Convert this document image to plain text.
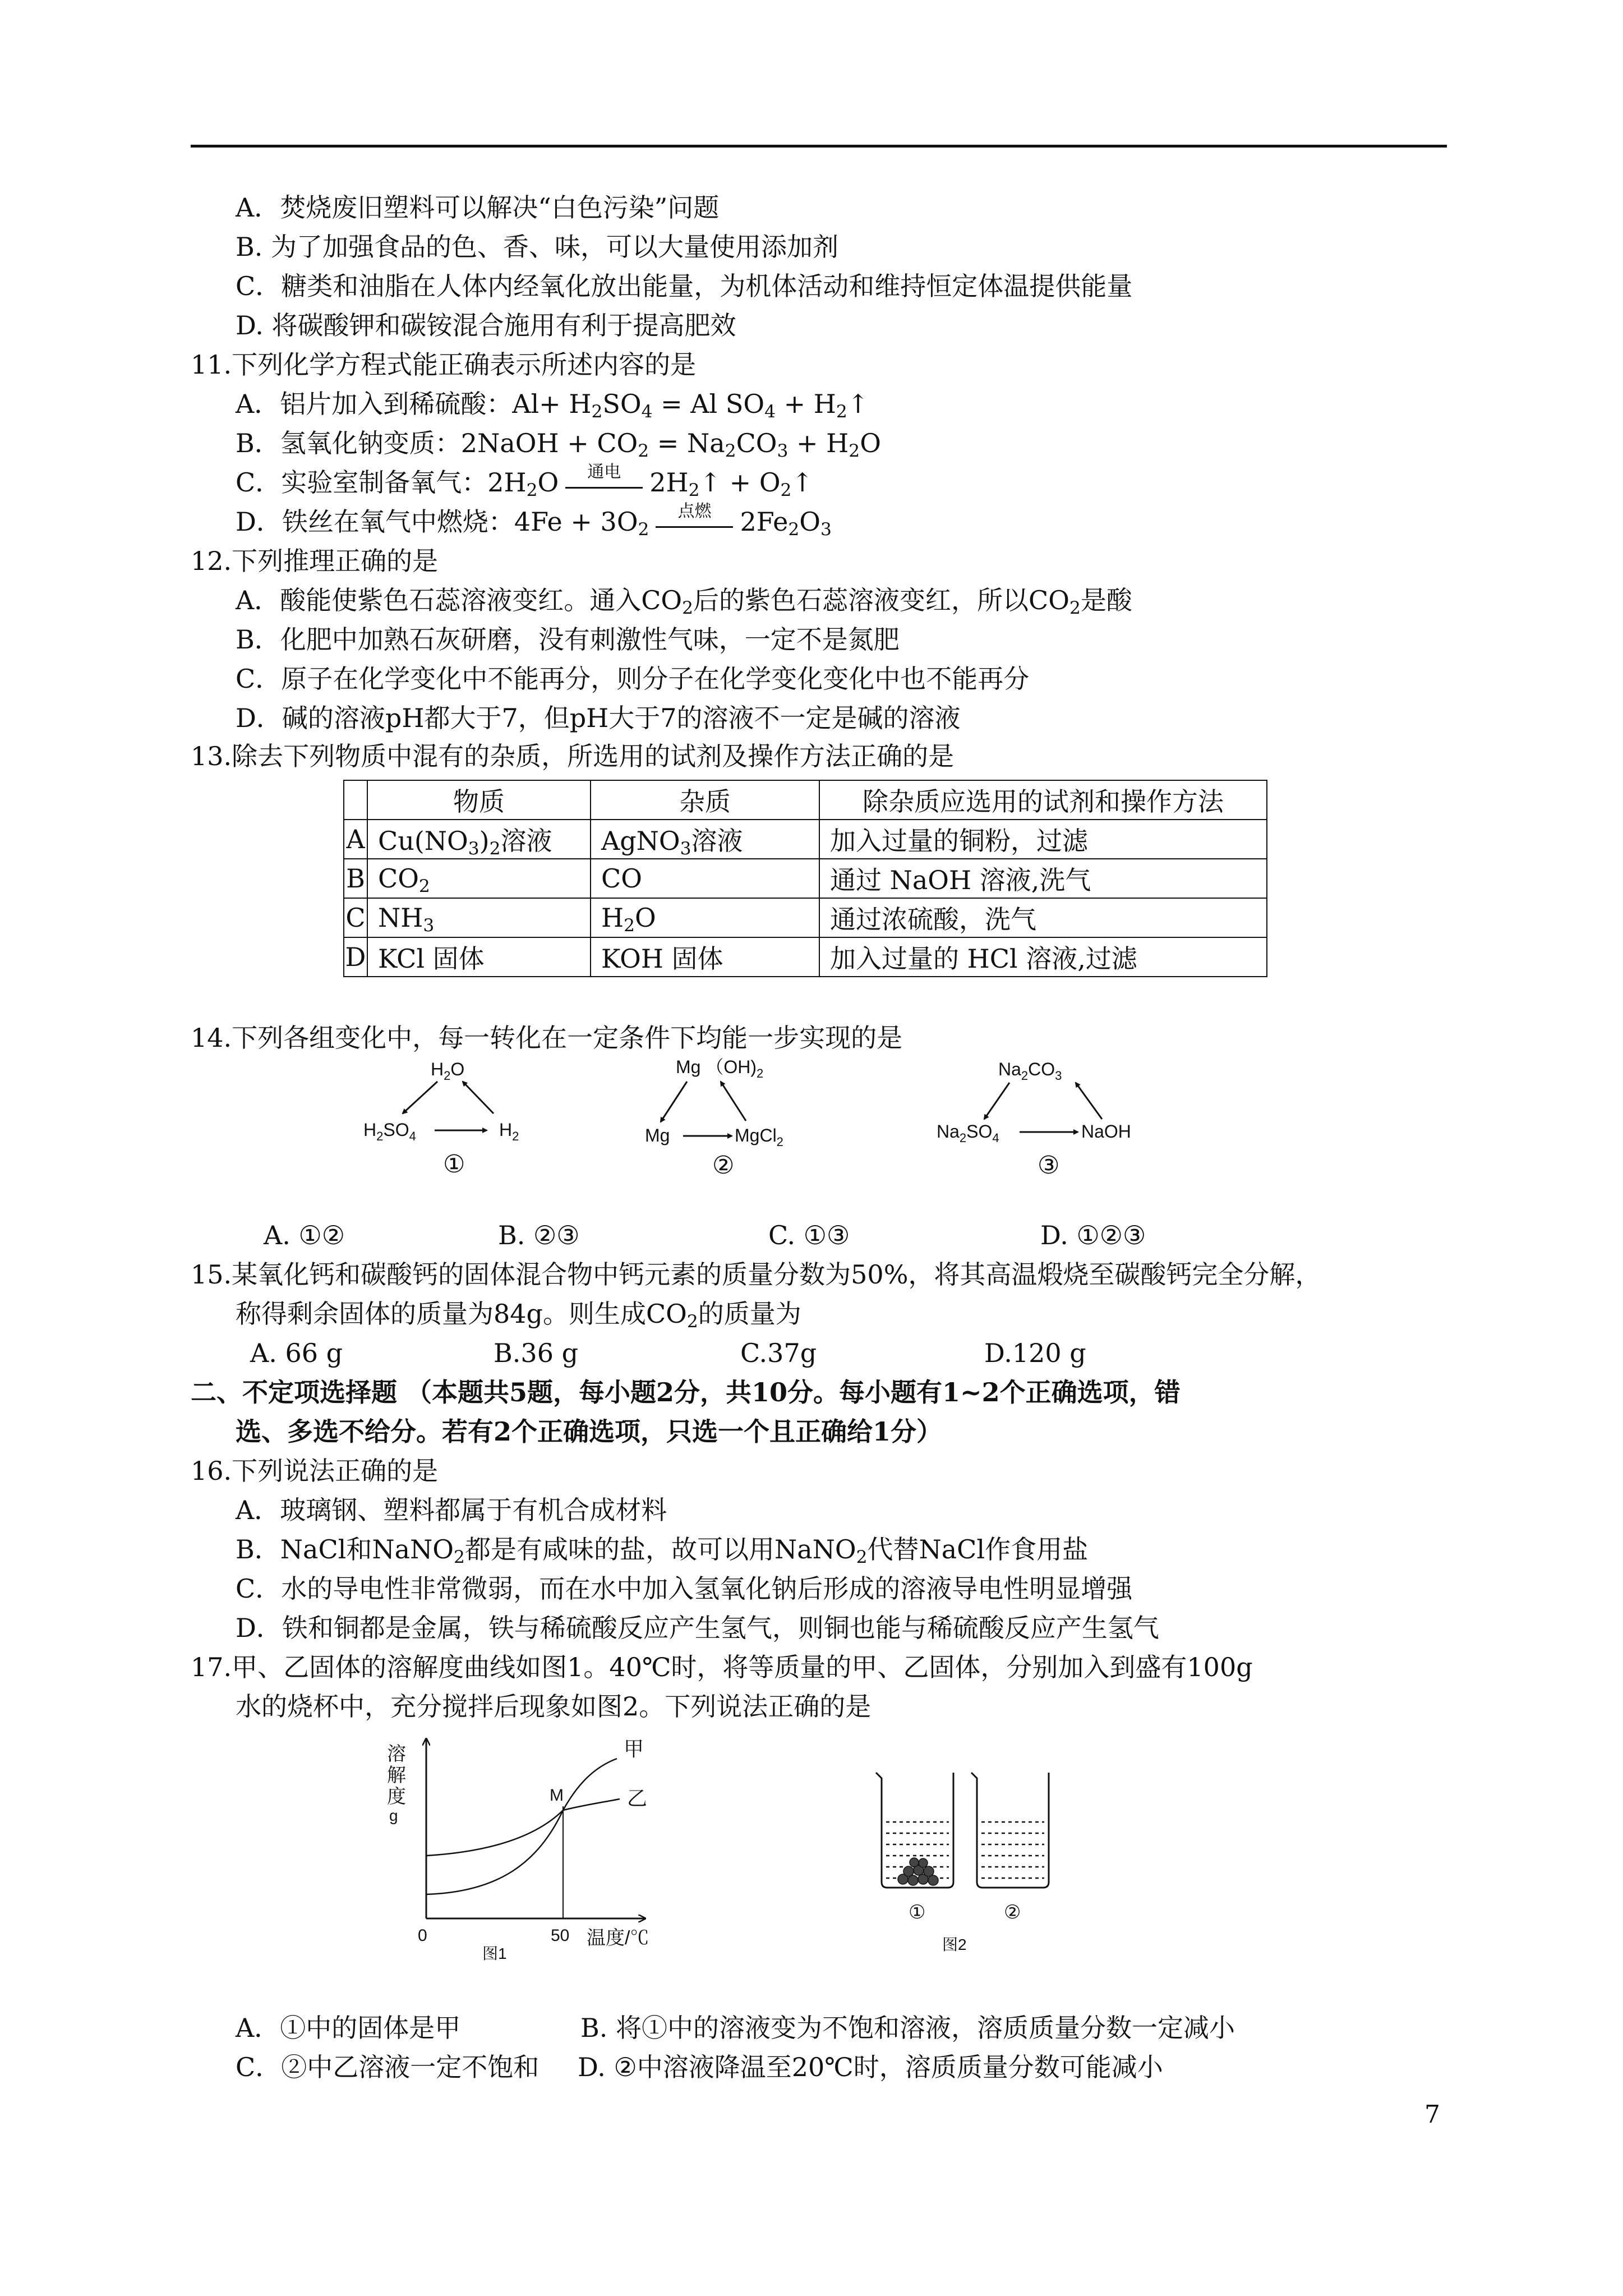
A．焚烧废旧塑料可以解决“白色污染”问题
B. 为了加强食品的色、香、味，可以大量使用添加剂
C．糖类和油脂在人体内经氧化放出能量，为机体活动和维持恒定体温提供能量
D. 将碳酸钾和碳铵混合施用有利于提高肥效
11.下列化学方程式能正确表示所述内容的是
A．铝片加入到稀硫酸：$Al+ H_2SO_4 = Al$ $SO_4$ + $H_2↑$
B．氢氧化钠变质：2NaOH + $CO_2 = Na_2CO_3 + H_2O$
C．实验室制备氧气：$2H_2O$	通电	$2H_2↑$ + $O_2↑$
D．铁丝在氧气中燃烧：$4Fe + 3O_2$
点燃	$2Fe_2O_3$
12.下列推理正确的是
A．酸能使紫色石蕊溶液变红。通入$CO_2$后的紫色石蕊溶液变红，所以$CO_2$是酸
B．化肥中加熟石灰研磨，没有刺激性气味，一定不是氮肥
C．原子在化学变化中不能再分，则分子在化学变化变化中也不能再分
D．碱的溶液pH都大于7，但pH大于7的溶液不一定是碱的溶液
13.除去下列物质中混有的杂质，所选用的试剂及操作方法正确的是
	物质	杂质	除杂质应选用的试剂和操作方法
A	$Cu(NO_3)_2$溶液	AgNO$_3$溶液	加入过量的铜粉，过滤
B	$CO_2$	CO	通过 NaOH 溶液,洗气
C	$NH_3$	$H_2O$	通过浓硫酸，洗气
D	KCl 固体	KOH 固体	加入过量的 HCl 溶液,过滤
14.下列各组变化中，每一转化在一定条件下均能一步实现的是
$H_2O$
$H_2SO_4$	$H_2$
①
Mg $(OH)_2$
Mg	MgCl$_2$
②
$Na_2CO_3$
$Na_2SO_4$	NaOH
③
A. ①②	B. ②③	C. ①③	D. ①②③
15.某氧化钙和碳酸钙的固体混合物中钙元素的质量分数为50%，将其高温煅烧至碳酸钙完全分解，
称得剩余固体的质量为84g。则生成$CO_2$的质量为
A. 66 g	B.36 g	C.37g	D.120 g
二、不定项选择题 （本题共5题，每小题2分，共10分。每小题有1~2个正确选项，错
选、多选不给分。若有2个正确选项，只选一个且正确给1分）
16.下列说法正确的是
A．玻璃钢、塑料都属于有机合成材料
B．NaCl和NaNO$_2$都是有咸味的盐，故可以用NaNO$_2$代替NaCl作食用盐
C．水的导电性非常微弱，而在水中加入氢氧化钠后形成的溶液导电性明显增强
D．铁和铜都是金属，铁与稀硫酸反应产生氢气，则铜也能与稀硫酸反应产生氢气
17.甲、乙固体的溶解度曲线如图1。40℃时，将等质量的甲、乙固体，分别加入到盛有100g
水的烧杯中，充分搅拌后现象如图2。下列说法正确的是
溶
解
度
g
0	50 温度/℃
甲
乙
M
图1
①	②
图2
A．①中的固体是甲	B. 将①中的溶液变为不饱和溶液，溶质质量分数一定减小
C．②中乙溶液一定不饱和 D. ②中溶液降温至20℃时，溶质质量分数可能减小
7
